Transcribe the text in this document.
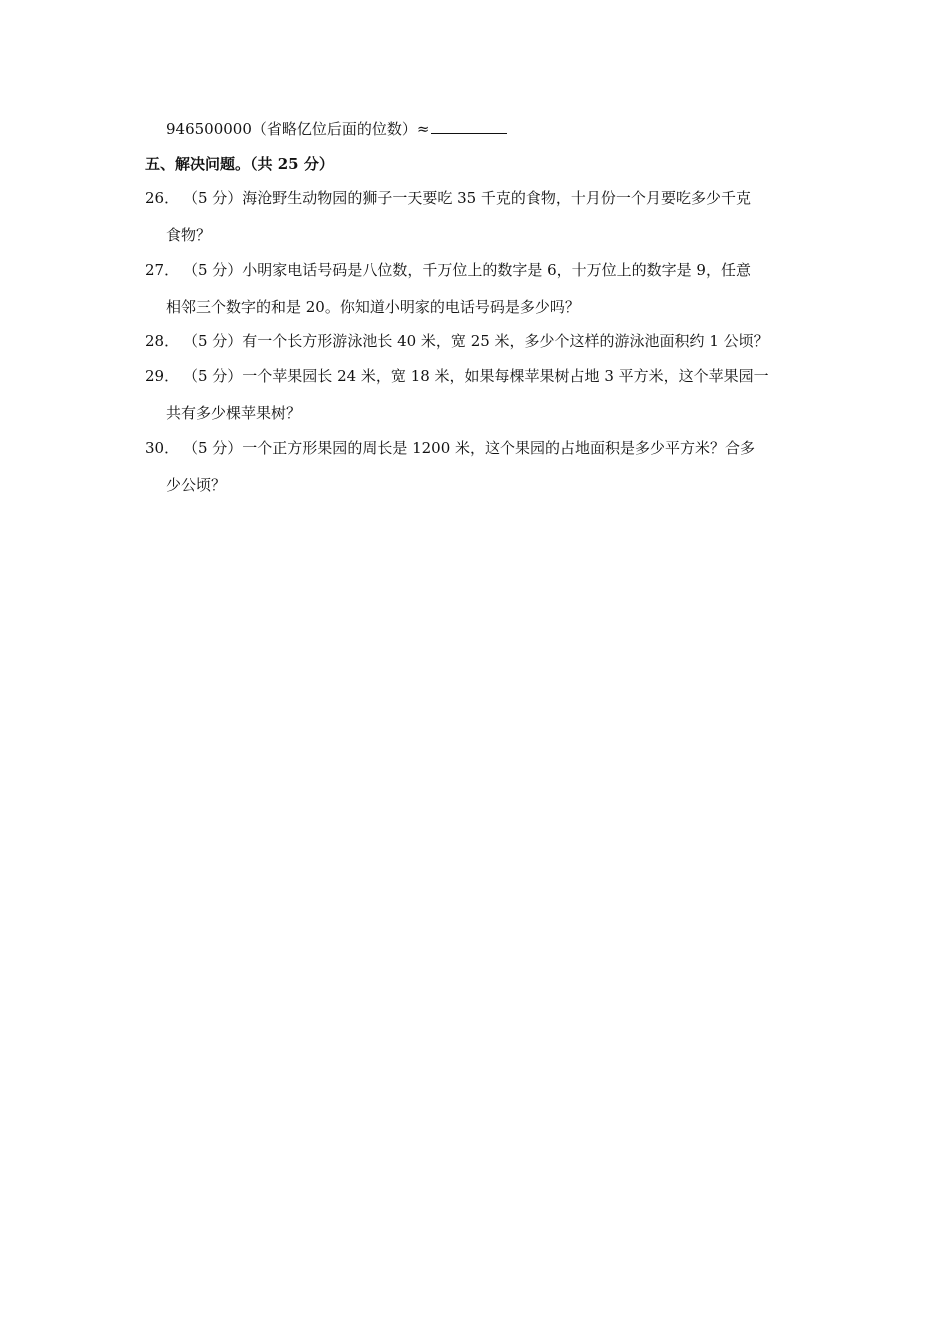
946500000（省略亿位后面的位数）≈
五、解决问题。（共 25 分）
26． （5 分）海沧野生动物园的狮子一天要吃 35 千克的食物，十月份一个月要吃多少千克
食物？
27． （5 分）小明家电话号码是八位数，千万位上的数字是 6，十万位上的数字是 9，任意
相邻三个数字的和是 20。你知道小明家的电话号码是多少吗？
28． （5 分）有一个长方形游泳池长 40 米，宽 25 米，多少个这样的游泳池面积约 1 公顷？
29． （5 分）一个苹果园长 24 米，宽 18 米，如果每棵苹果树占地 3 平方米，这个苹果园一
共有多少棵苹果树？
30． （5 分）一个正方形果园的周长是 1200 米，这个果园的占地面积是多少平方米？合多
少公顷？
